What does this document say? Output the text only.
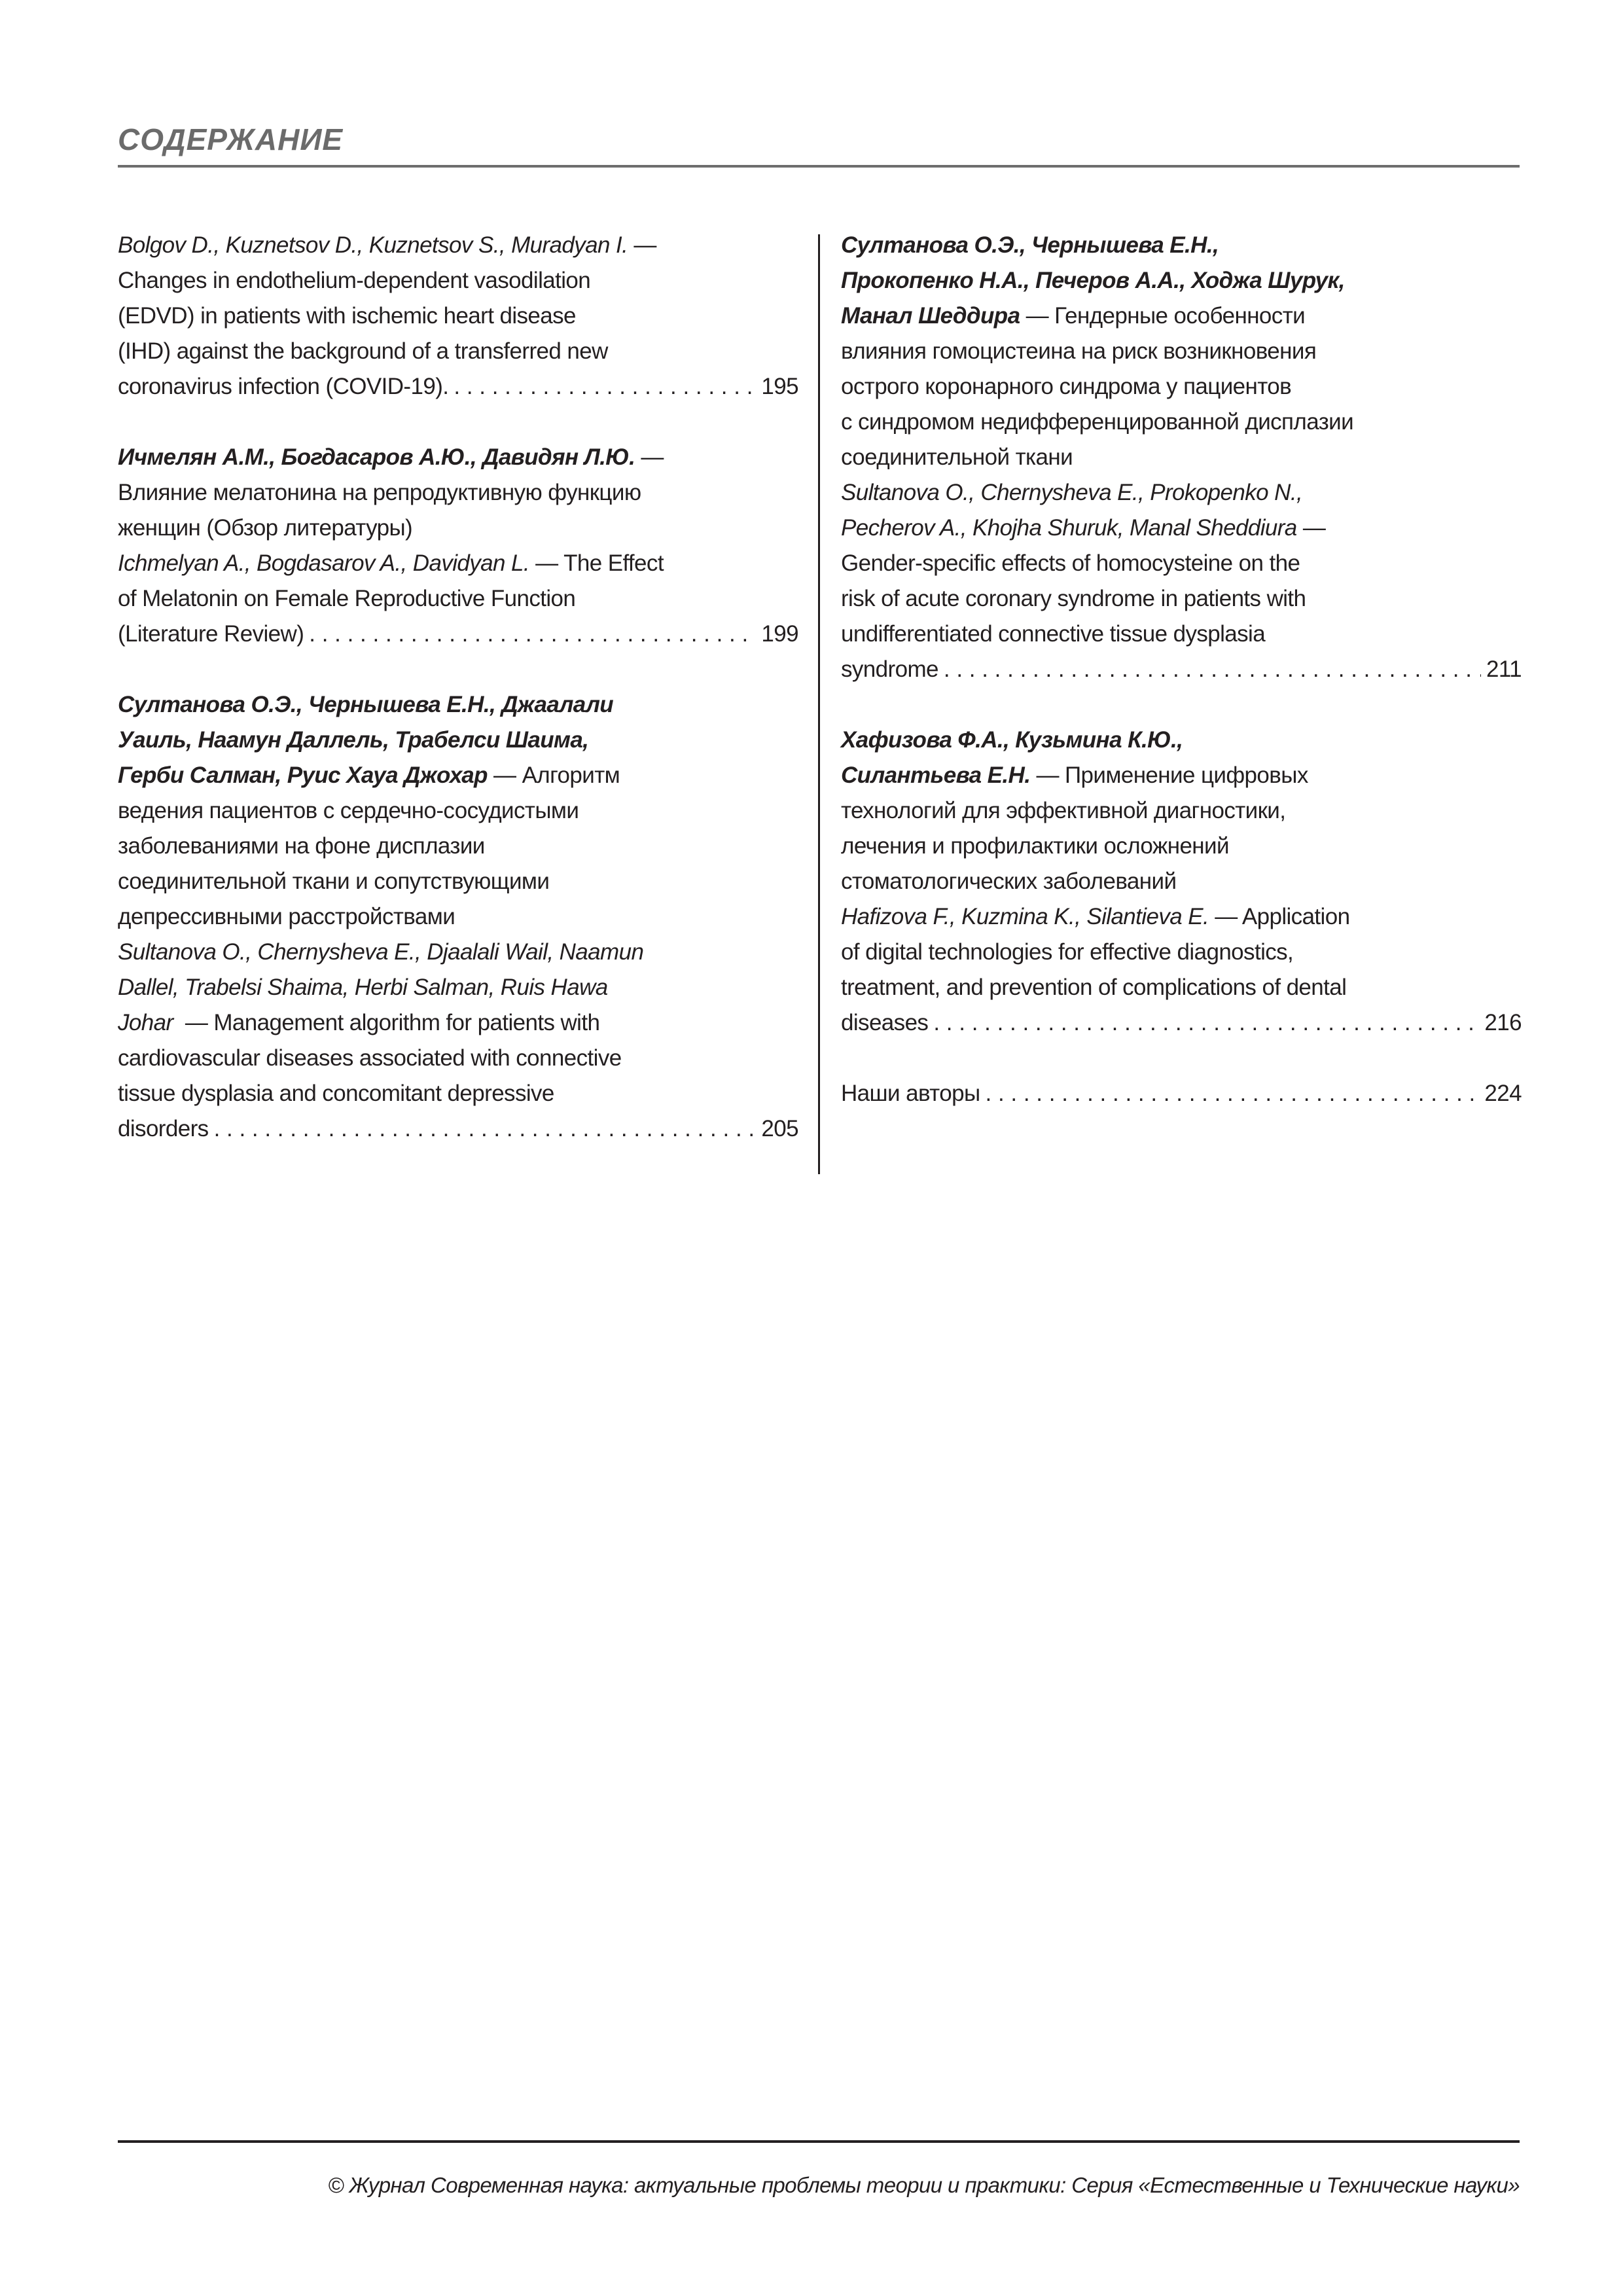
СОДЕРЖАНИЕ
Bolgov D., Kuznetsov D., Kuznetsov S., Muradyan I. —
Changes in endothelium-dependent vasodilation
(EDVD) in patients with ischemic heart disease
(IHD) against the background of a transferred new
coronavirus infection (COVID-19). . . .	195
Ичмелян А.М., Богдасаров А.Ю., Давидян Л.Ю. —
Влияние мелатонина на репродуктивную функцию
женщин (Обзор литературы)
Ichmelyan A., Bogdasarov A., Davidyan L. — The Effect
of Melatonin on Female Reproductive Function
(Literature Review) . . .	199
Султанова О.Э., Чернышева Е.Н., Джаалали
Уаиль, Наамун Даллель, Трабелси Шаима,
Герби Салман, Руис Хауа Джохар — Алгоритм
ведения пациентов с сердечно-сосудистыми
заболеваниями на фоне дисплазии
соединительной ткани и сопутствующими
депрессивными расстройствами
Sultanova O., Chernysheva E., Djaalali Wail, Naamun
Dallel, Trabelsi Shaima, Herbi Salman, Ruis Hawa
Johar — Management algorithm for patients with
cardiovascular diseases associated with connective
tissue dysplasia and concomitant depressive
disorders . . .	205
Султанова О.Э., Чернышева Е.Н.,
Прокопенко Н.А., Печеров А.А., Ходжа Шурук,
Манал Шеддира — Гендерные особенности
влияния гомоцистеина на риск возникновения
острого коронарного синдрома у пациентов
с синдромом недифференцированной дисплазии
соединительной ткани
Sultanova O., Chernysheva E., Prokopenko N.,
Pecherov A., Khojha Shuruk, Manal Sheddiura —
Gender-specific effects of homocysteine on the
risk of acute coronary syndrome in patients with
undifferentiated connective tissue dysplasia
syndrome . . .	211
Хафизова Ф.А., Кузьмина К.Ю.,
Силантьева Е.Н. — Применение цифровых
технологий для эффективной диагностики,
лечения и профилактики осложнений
стоматологических заболеваний
Hafizova F., Kuzmina K., Silantieva E. — Application
of digital technologies for effective diagnostics,
treatment, and prevention of complications of dental
diseases . . .	216
Наши авторы . . .	224
© Журнал Современная наука: актуальные проблемы теории и практики: Серия «Естественные и Технические науки»
